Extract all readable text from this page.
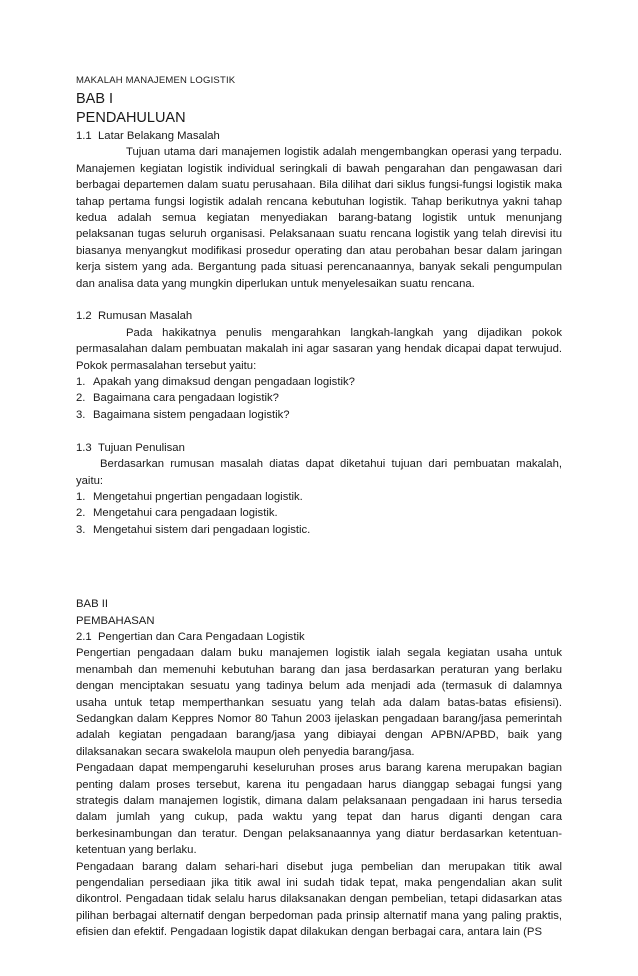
MAKALAH MANAJEMEN LOGISTIK
BAB I
PENDAHULUAN
1.1 Latar Belakang Masalah

Tujuan utama dari manajemen logistik adalah mengembangkan operasi yang terpadu. Manajemen kegiatan logistik individual seringkali di bawah pengarahan dan pengawasan dari berbagai departemen dalam suatu perusahaan. Bila dilihat dari siklus fungsi-fungsi logistik maka tahap pertama fungsi logistik adalah rencana kebutuhan logistik. Tahap berikutnya yakni tahap kedua adalah semua kegiatan menyediakan barang-batang logistik untuk menunjang pelaksanan tugas seluruh organisasi. Pelaksanaan suatu rencana logistik yang telah direvisi itu biasanya menyangkut modifikasi prosedur operating dan atau perobahan besar dalam jaringan kerja sistem yang ada. Bergantung pada situasi perencanaannya, banyak sekali pengumpulan dan analisa data yang mungkin diperlukan untuk menyelesaikan suatu rencana.

1.2 Rumusan Masalah

Pada hakikatnya penulis mengarahkan langkah-langkah yang dijadikan pokok permasalahan dalam pembuatan makalah ini agar sasaran yang hendak dicapai dapat terwujud. Pokok permasalahan tersebut yaitu:

1. Apakah yang dimaksud dengan pengadaan logistik?
2. Bagaimana cara pengadaan logistik?
3. Bagaimana sistem pengadaan logistik?
1.3 Tujuan Penulisan

Berdasarkan rumusan masalah diatas dapat diketahui tujuan dari pembuatan makalah, yaitu:

1. Mengetahui pngertian pengadaan logistik.
2. Mengetahui cara pengadaan logistik.
3. Mengetahui sistem dari pengadaan logistic.
BAB II
PEMBAHASAN
2.1 Pengertian dan Cara Pengadaan Logistik

Pengertian pengadaan dalam buku manajemen logistik ialah segala kegiatan usaha untuk menambah dan memenuhi kebutuhan barang dan jasa berdasarkan peraturan yang berlaku dengan menciptakan sesuatu yang tadinya belum ada menjadi ada (termasuk di dalamnya usaha untuk tetap memperthankan sesuatu yang telah ada dalam batas-batas efisiensi). Sedangkan dalam Keppres Nomor 80 Tahun 2003 ijelaskan pengadaan barang/jasa pemerintah adalah kegiatan pengadaan barang/jasa yang dibiayai dengan APBN/APBD, baik yang dilaksanakan secara swakelola maupun oleh penyedia barang/jasa.

Pengadaan dapat mempengaruhi keseluruhan proses arus barang karena merupakan bagian penting dalam proses tersebut, karena itu pengadaan harus dianggap sebagai fungsi yang strategis dalam manajemen logistik, dimana dalam pelaksanaan pengadaan ini harus tersedia dalam jumlah yang cukup, pada waktu yang tepat dan harus diganti dengan cara berkesinambungan dan teratur. Dengan pelaksanaannya yang diatur berdasarkan ketentuan-ketentuan yang berlaku.

Pengadaan barang dalam sehari-hari disebut juga pembelian dan merupakan titik awal pengendalian persediaan jika titik awal ini sudah tidak tepat, maka pengendalian akan sulit dikontrol. Pengadaan tidak selalu harus dilaksanakan dengan pembelian, tetapi didasarkan atas pilihan berbagai alternatif dengan berpedoman pada prinsip alternatif mana yang paling praktis, efisien dan efektif. Pengadaan logistik dapat dilakukan dengan berbagai cara, antara lain (PS
